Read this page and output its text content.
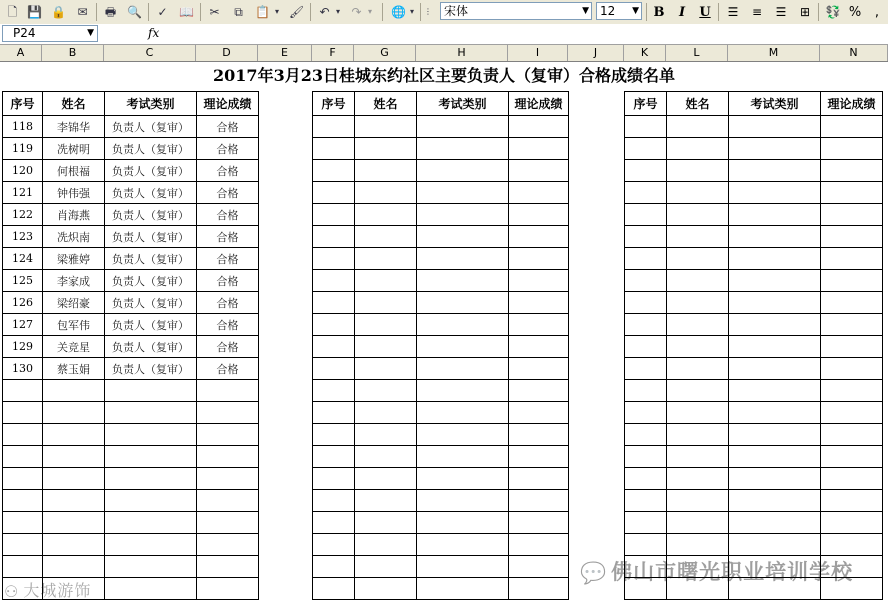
🗋 💾 🔒 ✉ 🖶 🔍 ✓ 📖 ✂	⧉	📋 ▾ 🖌 ↶ ▾ ↷ ▾ 🌐 ▾ ⋮	宋体	▼ 12 ▼ B	I	U	☰	≡	☰	⊞	💱 %	,
P24	▼	fx
A	B	C	D	E	F	G	H	I	J	K	L	M	N
2017年3月23日桂城东约社区主要负责人（复审）合格成绩名单
序号	姓名	考试类别	理论成绩
118	李锦华	负责人（复审）	合格
119	冼树明	负责人（复审）	合格
120	何根福	负责人（复审）	合格
121	钟伟强	负责人（复审）	合格
122	肖海燕	负责人（复审）	合格
123	冼炽南	负责人（复审）	合格
124	梁雅婷	负责人（复审）	合格
125	李家成	负责人（复审）	合格
126	梁绍豪	负责人（复审）	合格
127	包军伟	负责人（复审）	合格
129	关竞星	负责人（复审）	合格
130	蔡玉娟	负责人（复审）	合格

序号	姓名	考试类别	理论成绩

				序号	姓名	考试类别	理论成绩

⚇ 大城游饰
💬 佛山市曙光职业培训学校
